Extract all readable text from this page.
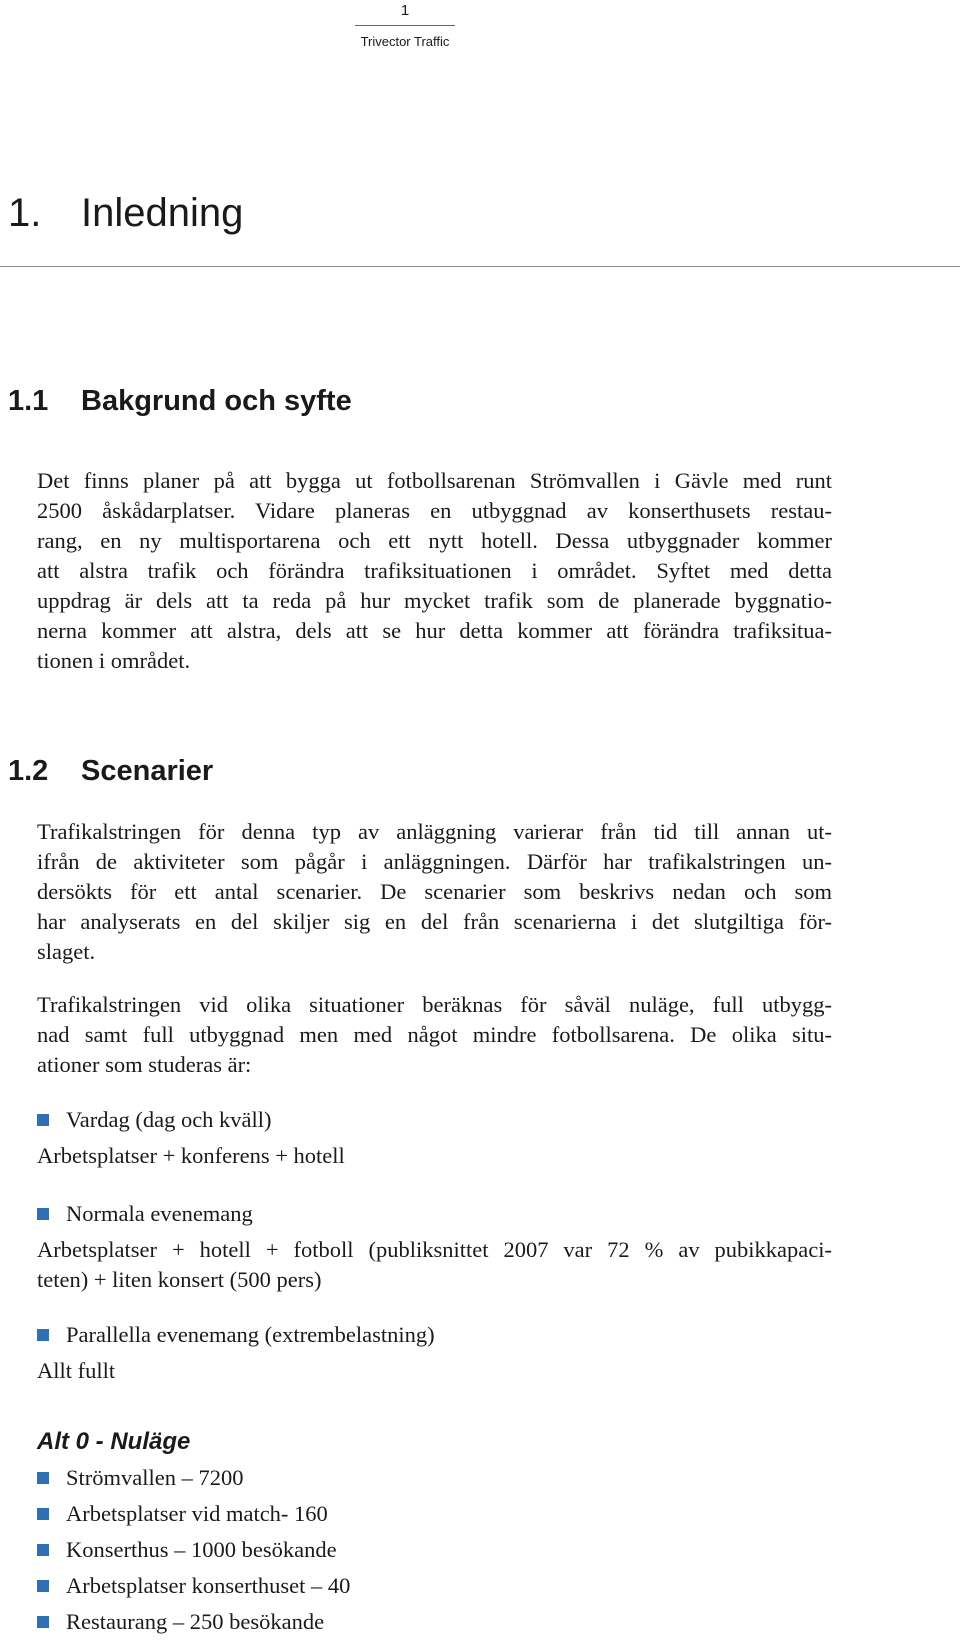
1
Trivector Traffic
1. Inledning
1.1 Bakgrund och syfte
Det finns planer på att bygga ut fotbollsarenan Strömvallen i Gävle med runt
2500 åskådarplatser. Vidare planeras en utbyggnad av konserthusets restau-
rang, en ny multisportarena och ett nytt hotell. Dessa utbyggnader kommer
att alstra trafik och förändra trafiksituationen i området. Syftet med detta
uppdrag är dels att ta reda på hur mycket trafik som de planerade byggnatio-
nerna kommer att alstra, dels att se hur detta kommer att förändra trafiksitua-
tionen i området.
1.2 Scenarier
Trafikalstringen för denna typ av anläggning varierar från tid till annan ut-
ifrån de aktiviteter som pågår i anläggningen. Därför har trafikalstringen un-
dersökts för ett antal scenarier. De scenarier som beskrivs nedan och som
har analyserats en del skiljer sig en del från scenarierna i det slutgiltiga för-
slaget.
Trafikalstringen vid olika situationer beräknas för såväl nuläge, full utbygg-
nad samt full utbyggnad men med något mindre fotbollsarena. De olika situ-
ationer som studeras är:
Vardag (dag och kväll)
Arbetsplatser + konferens + hotell
Normala evenemang
Arbetsplatser + hotell + fotboll (publiksnittet 2007 var 72 % av pubikkapaci-
teten) + liten konsert (500 pers)
Parallella evenemang (extrembelastning)
Allt fullt
Alt 0 - Nuläge
Strömvallen – 7200
Arbetsplatser vid match- 160
Konserthus – 1000 besökande
Arbetsplatser konserthuset – 40
Restaurang – 250 besökande
